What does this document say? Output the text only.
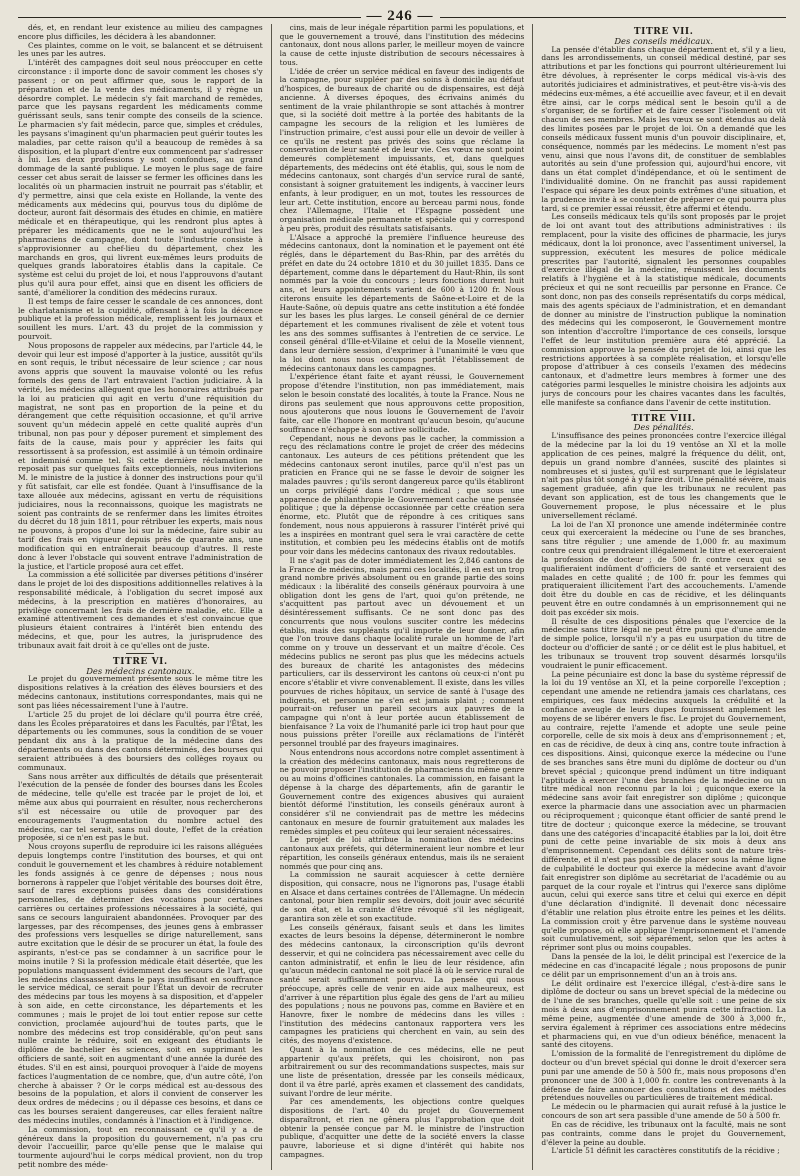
— 246 —

dés, et, en rendant leur existence au milieu des campagnes encore plus difficiles, les décidera à les abandonner.

Ces plaintes, comme on le voit, se balancent et se détruisent les unes par les autres.

L'intérêt des campagnes doit seul nous préoccuper en cette circonstance : il importe donc de savoir comment les choses s'y passent ; or on peut affirmer que, sous le rapport de la préparation et de la vente des médicaments, il y règne un désordre complet. Le médecin s'y fait marchand de remèdes, parce que les paysans regardent les médicaments comme guérissant seuls, sans tenir compte des conseils de la science. Le pharmacien s'y fait médecin, parce que, simples et crédules, les paysans s'imaginent qu'un pharmacien peut guérir toutes les maladies, par cette raison qu'il a beaucoup de remèdes à sa disposition, et la plupart d'entre eux commencent par s'adresser à lui. Les deux professions y sont confondues, au grand dommage de la santé publique. Le moyen le plus sage de faire cesser cet abus serait de laisser se fermer les officines dans les localités où un pharmacien instruit ne pourrait pas s'établir, et d'y permettre, ainsi que cela existe en Hollande, la vente des médicaments aux médecins qui, pourvus tous du diplôme de docteur, auront fait désormais des études en chimie, en matière médicale et en thérapeutique, qui les rendront plus aptes à préparer les médicaments que ne le sont aujourd'hui les pharmaciens de campagne, dont toute l'industrie consiste à s'approvisionner au chef-lieu du département, chez les marchands en gros, qui livrent eux-mêmes leurs produits de quelques grands laboratoires établis dans la capitale. Ce système est celui du projet de loi, et nous l'approuvons d'autant plus qu'il aura pour effet, ainsi que en disent les officiers de santé, d'améliorer la condition des médecins ruraux.

Il est temps de faire cesser le scandale de ces annonces, dont le charlatanisme et la cupidité, offensant à la fois la décence publique et la profession médicale, remplissent les journaux et souillent les murs. L'art. 43 du projet de la commission y pourvoit.

Nous proposons de rappeler aux médecins, par l'article 44, le devoir qui leur est imposé d'apporter à la justice, aussitôt qu'ils en sont requis, le tribut nécessaire de leur science ; car nous avons appris que souvent la mauvaise volonté ou les refus formels des gens de l'art entravaient l'action judiciaire. À la vérité, les médecins allèguent que les honoraires attribués par la loi au praticien qui agit en vertu d'une réquisition du magistrat, ne sont pas en proportion de la peine et du dérangement que cette réquisition occasionne, et qu'il arrive souvent qu'un médecin appelé en cette qualité auprès d'un tribunal, non pas pour y déposer purement et simplement des faits de la cause, mais pour y apprécier les faits qui ressortissent à sa profession, est assimilé à un témoin ordinaire et indemnisé comme tel. Si cette dernière réclamation ne reposait pas sur quelques faits exceptionnels, nous inviterions M. le ministre de la justice à donner des instructions pour qu'il y fût satisfait, car elle est fondée. Quant à l'insuffisance de la taxe allouée aux médecins, agissant en vertu de réquisitions judiciaires, nous la reconnaissons, quoique les magistrats ne soient pas contraints de se renfermer dans les limites étroites du décret du 18 juin 1811, pour rétribuer les experts, mais nous ne pouvons, à propos d'une loi sur la médecine, faire subir au tarif des frais en vigueur depuis près de quarante ans, une modification qui en entraînerait beaucoup d'autres. Il reste donc à lever l'obstacle qui souvent entrave l'administration de la justice, et l'article proposé aura cet effet.

La commission a été sollicitée par diverses pétitions d'insérer dans le projet de loi des dispositions additionnelles relatives à la responsabilité médicale, à l'obligation du secret imposé aux médecins, à la prescription en matières d'honoraires, au privilège concernant les frais de dernière maladie, etc. Elle a examiné attentivement ces demandes et s'est convaincue que plusieurs étaient contraires à l'intérêt bien entendu des médecins, et que, pour les autres, la jurisprudence des tribunaux avait fait droit à ce qu'elles ont de juste.

TITRE VI.

Des médecins cantonaux.

Le projet du gouvernement présente sous le même titre les dispositions relatives à la création des élèves boursiers et des médecins cantonaux, institutions correspondantes, mais qui ne sont pas liées nécessairement l'une à l'autre.

L'article 25 du projet de loi déclare qu'il pourra être créé, dans les Écoles préparatoires et dans les Facultés, par l'État, les départements ou les communes, sous la condition de se vouer pendant dix ans à la pratique de la médecine dans des départements ou dans des cantons déterminés, des bourses qui seraient attribuées à des boursiers des collèges royaux ou communaux.

Sans nous arrêter aux difficultés de détails que présenterait l'exécution de la pensée de fonder des bourses dans les Écoles de médecine, telle qu'elle est tracée par le projet de loi, et même aux abus qui pourraient en résulter, nous rechercherons s'il est nécessaire ou utile de provoquer par des encouragements l'augmentation du nombre actuel des médecins, car tel serait, sans nul doute, l'effet de la création proposée, si ce n'en est pas le but.

Nous croyons superflu de reproduire ici les raisons alléguées depuis longtemps contre l'institution des bourses, et qui ont conduit le gouvernement et les chambres à réduire notablement les fonds assignés à ce genre de dépenses ; nous nous bornerons à rappeler que l'objet véritable des bourses doit être, sauf de rares exceptions puisées dans des considérations personnelles, de déterminer des vocations pour certaines carrières ou certaines professions nécessaires à la société, qui sans ce secours languiraient abandonnées. Provoquer par des largesses, par des récompenses, des jeunes gens à embrasser des professions vers lesquelles se dirige naturellement, sans autre excitation que le désir de se procurer un état, la foule des aspirants, n'est-ce pas se condamner à un sacrifice pour le moins inutile ? Si la profession médicale était désertée, que les populations manquassent évidemment des secours de l'art, que les médecins classassent dans le pays insuffisant en souffrance le service médical, ce serait pour l'État un devoir de recruter des médecins par tous les moyens à sa disposition, et d'appeler à son aide, en cette circonstance, les départements et les communes ; mais le projet de loi tout entier repose sur cette conviction, proclamée aujourd'hui de toutes parts, que le nombre des médecins est trop considérable, qu'on peut sans nulle crainte le réduire, soit en exigeant des étudiants le diplôme de bachelier ès sciences, soit en supprimant les officiers de santé, soit en augmentant d'une année la durée des études. S'il en est ainsi, pourquoi provoquer à l'aide de moyens factices l'augmentation de ce nombre, que, d'un autre côté, l'on cherche à abaisser ? Or le corps médical est au-dessous des besoins de la population, et alors il convient de conserver les deux ordres de médecins ; ou il dépasse ces besoins, et dans ce cas les bourses seraient dangereuses, car elles feraient naître des médecins inutiles, condamnés à l'inaction et à l'indigence.

La commission, tout en reconnaissant ce qu'il y a de généreux dans la proposition du gouvernement, n'a pas cru devoir l'accueillir, parce qu'elle pense que le malaise qui tourmente aujourd'hui le corps médical provient, non du trop petit nombre des méde-

cins, mais de leur inégale répartition parmi les populations, et que le gouvernement a trouvé, dans l'institution des médecins cantonaux, dont nous allons parler, le meilleur moyen de vaincre la cause de cette injuste distribution de secours nécessaires à tous.

L'idée de créer un service médical en faveur des indigents de la campagne, pour suppléer par des soins à domicile au défaut d'hospices, de bureaux de charité ou de dispensaires, est déjà ancienne. À diverses époques, des écrivains animés du sentiment de la vraie philanthropie se sont attachés à montrer que, si la société doit mettre à la portée des habitants de la campagne les secours de la religion et les lumières de l'instruction primaire, c'est aussi pour elle un devoir de veiller à ce qu'ils ne restent pas privés des soins que réclame la conservation de leur santé et de leur vie. Ces vœux ne sont point demeurés complètement impuissants, et, dans quelques départements, des médecins ont été établis, qui, sous le nom de médecins cantonaux, sont chargés d'un service rural de santé, consistant à soigner gratuitement les indigents, à vacciner leurs enfants, à leur prodiguer, en un mot, toutes les ressources de leur art. Cette institution, encore au berceau parmi nous, fonde chez l'Allemagne, l'Italie et l'Espagne possèdent une organisation médicale permanente et spéciale qui y correspond à peu près, produit des résultats satisfaisants.

L'Alsace a approché la première l'influence heureuse des médecins cantonaux, dont la nomination et le payement ont été réglés, dans le département du Bas-Rhin, par des arrêtés du préfet en date du 24 octobre 1810 et du 30 juillet 1835. Dans ce département, comme dans le département du Haut-Rhin, ils sont nommés par la voie du concours ; leurs fonctions durent huit ans, et leurs appointements varient de 600 à 1200 fr. Nous citerons ensuite les départements de Saône-et-Loire et de la Haute-Saône, où depuis quatre ans cette institution a été fondée sur les bases les plus larges. Le conseil général de ce dernier département et les communes rivalisent de zèle et votent tous les ans des sommes suffisantes à l'entretien de ce service. Le conseil général d'Ille-et-Vilaine et celui de la Moselle viennent, dans leur dernière session, d'exprimer à l'unanimité le vœu que la loi dont nous nous occupons portât l'établissement de médecins cantonaux dans les campagnes.

L'expérience étant faite et ayant réussi, le Gouvernement propose d'étendre l'institution, non pas immédiatement, mais selon le besoin constaté des localités, à toute la France. Nous ne dirons pas seulement que nous approuvons cette proposition, nous ajouterons que nous louons le Gouvernement de l'avoir faite, car elle l'honore en montrant qu'aucun besoin, qu'aucune souffrance n'échappe à son active sollicitude.

Cependant, nous ne devons pas le cacher, la commission a reçu des réclamations contre le projet de créer des médecins cantonaux. Les auteurs de ces pétitions prétendent que les médecins cantonaux seront inutiles, parce qu'il n'est pas un praticien en France qui ne se fasse le devoir de soigner les malades pauvres ; qu'ils seront dangereux parce qu'ils établiront un corps privilégié dans l'ordre médical ; que sous une apparence de philanthropie le Gouvernement cache une pensée politique ; que la dépense occasionnée par cette création sera énorme, etc. Plutôt que de répondre à ces critiques sans fondement, nous nous appuierons à rassurer l'intérêt privé qui les a inspirées en montrant quel sera le vrai caractère de cette institution, et combien peu les médecins établis ont de motifs pour voir dans les médecins cantonaux des rivaux redoutables.

Il ne s'agit pas de doter immédiatement les 2,846 cantons de la France de médecins, mais parmi ces localités, il en est un trop grand nombre privés absolument ou en grande partie des soins médicaux : la libéralité des conseils généraux pourvoira à une obligation dont les gens de l'art, quoi qu'on prétende, ne s'acquittent pas partout avec un dévouement et un désintéressement suffisants. Ce ne sont donc pas des concurrents que nous voulons susciter contre les médecins établis, mais des suppléants qu'il importe de leur donner, afin que l'on trouve dans chaque localité rurale un homme de l'art comme on y trouve un desservant et un maître d'école. Ces médecins publics ne seront pas plus que les médecins actuels des bureaux de charité les antagonistes des médecins particuliers, car ils desserviront les cantons où ceux-ci n'ont pu encore s'établir et vivre convenablement. Il existe, dans les villes pourvues de riches hôpitaux, un service de santé à l'usage des indigents, et personne ne s'en est jamais plaint ; comment pourrait-on refuser un pareil secours aux pauvres de la campagne qui n'ont à leur portée aucun établissement de bienfaisance ? La voix de l'humanité parle ici trop haut pour que nous puissions prêter l'oreille aux réclamations de l'intérêt personnel troublé par des frayeurs imaginaires.

Nous entendrons nous accordons notre complet assentiment à la création des médecins cantonaux, mais nous regretterons de ne pouvoir proposer l'institution de pharmaciens du même genre ou au moins d'officines cantonales. La commission, en faisant la dépense à la charge des départements, afin de garantir le Gouvernement contre des exigences abusives qui auraient bientôt déformé l'institution, les conseils généraux auront à considérer s'il ne conviendrait pas de mettre les médecins cantonaux en mesure de fournir gratuitement aux malades les remèdes simples et peu coûteux qui leur seraient nécessaires.

Le projet de loi attribue la nomination des médecins cantonaux aux préfets, qui détermineraient leur nombre et leur répartition, les conseils généraux entendus, mais ils ne seraient nommés que pour cinq ans.

La commission ne saurait acquiescer à cette dernière disposition, qui consacre, nous ne l'ignorons pas, l'usage établi en Alsace et dans certaines contrées de l'Allemagne. Un médecin cantonal, pour bien remplir ses devoirs, doit jouir avec sécurité de son état, et la crainte d'être révoqué s'il les négligeait, garantira son zèle et son exactitude.

Les conseils généraux, faisant seuls et dans les limites exactes de leurs besoins la dépense, détermineront le nombre des médecins cantonaux, la circonscription qu'ils devront desservir, et qui ne coïncidera pas nécessairement avec celle du canton administratif, et enfin le lieu de leur résidence, afin qu'aucun médecin cantonal ne soit placé là où le service rural de santé serait suffisamment pourvu. La pensée qui nous préoccupe, après celle de venir en aide aux malheureux, est d'arriver à une répartition plus égale des gens de l'art au milieu des populations ; nous ne pouvons pas, comme en Bavière et en Hanovre, fixer le nombre de médecins dans les villes : l'institution des médecins cantonaux rapportera vers les campagnes les praticiens qui cherchent en vain, au sein des cités, des moyens d'existence.

Quant à la nomination de ces médecins, elle ne peut appartenir qu'aux préfets, qui les choisiront, non pas arbitrairement ou sur des recommandations suspectes, mais sur une liste de présentation, dressée par les conseils médicaux, dont il va être parlé, après examen et classement des candidats, suivant l'ordre de leur mérite.

Par ces amendements, les objections contre quelques dispositions de l'art. 40 du projet du Gouvernement disparaîtront, et rien ne gênera plus l'approbation que doit obtenir la pensée conçue par M. le ministre de l'instruction publique, d'acquitter une dette de la société envers la classe pauvre, laborieuse et si digne d'intérêt qui habite nos campagnes.

TITRE VII.

Des conseils médicaux.

La pensée d'établir dans chaque département et, s'il y a lieu, dans les arrondissements, un conseil médical destiné, par ses attributions et par les fonctions qui pourront ultérieurement lui être dévolues, à représenter le corps médical vis-à-vis des autorités judiciaires et administratives, et peut-être vis-à-vis des médecins eux-mêmes, a été accueillie avec faveur, et il en devait être ainsi, car le corps médical sent le besoin qu'il a de s'organiser, de se fortifier et de faire cesser l'isolement où vit chacun de ses membres. Mais les vœux se sont étendus au delà des limites posées par le projet de loi. On a demandé que les conseils médicaux fussent munis d'un pouvoir disciplinaire, et, conséquence, nommés par les médecins. Le moment n'est pas venu, ainsi que nous l'avons dit, de constituer de semblables autorités au sein d'une profession qui, aujourd'hui encore, vit dans un état complet d'indépendance, et où le sentiment de l'individualité domine. On ne franchit pas aussi rapidement l'espace qui sépare les deux points extrêmes d'une situation, et la prudence invite à se contenter de préparer ce qui pourra plus tard, si ce premier essai réussit, être affermi et étendu.

Les conseils médicaux tels qu'ils sont proposés par le projet de loi ont avant tout des attributions administratives : ils remplacent, pour la visite des officines de pharmacie, les jurys médicaux, dont la loi prononce, avec l'assentiment universel, la suppression, exécutent les mesures de police médicale prescrites par l'autorité, signalent les personnes coupables d'exercice illégal de la médecine, réunissent les documents relatifs à l'hygiène et à la statistique médicale, documents précieux et qui ne sont recueillis par personne en France. Ce sont donc, non pas des conseils représentatifs du corps médical, mais des agents spéciaux de l'administration, et en demandant de donner au ministre de l'instruction publique la nomination des médecins qui les composeront, le Gouvernement montre son intention d'accroître l'importance de ces conseils, lorsque l'effet de leur institution première aura été apprécié. La commission approuve la pensée du projet de loi, ainsi que les restrictions apportées à sa complète réalisation, et lorsqu'elle propose d'attribuer à ces conseils l'examen des médecins cantonaux, et d'admettre leurs membres à former une des catégories parmi lesquelles le ministre choisira les adjoints aux jurys de concours pour les chaires vacantes dans les facultés, elle manifeste sa confiance dans l'avenir de cette institution.

TITRE VIII.

Des pénalités.

L'insuffisance des peines prononcées contre l'exercice illégal de la médecine par la loi du 19 ventôse an XI et la molle application de ces peines, malgré la fréquence du délit, ont, depuis un grand nombre d'années, suscité des plaintes si nombreuses et si justes, qu'il est surprenant que le législateur n'ait pas plus tôt songé à y faire droit. Une pénalité sévère, mais sagement graduée, afin que les tribunaux ne reculent pas devant son application, est de tous les changements que le Gouvernement propose, le plus nécessaire et le plus universellement réclamé.

La loi de l'an XI prononce une amende indéterminée contre ceux qui exerceraient la médecine ou l'une de ses branches, sans titre régulier ; une amende de 1,000 fr. au maximum contre ceux qui prendraient illégalement le titre et exerceraient la profession de docteur ; de 500 fr. contre ceux qui se qualifieraient indûment d'officiers de santé et verseraient des malades en cette qualité ; de 100 fr. pour les femmes qui pratiqueraient illicitement l'art des accouchements. L'amende doit être du double en cas de récidive, et les délinquants peuvent être en outre condamnés à un emprisonnement qui ne doit pas excéder six mois.

Il résulte de ces dispositions pénales que l'exercice de la médecine sans titre légal ne peut être puni que d'une amende de simple police, lorsqu'il n'y a pas eu usurpation du titre de docteur ou d'officier de santé ; or ce délit est le plus habituel, et les tribunaux se trouvent trop souvent désarmés lorsqu'ils voudraient le punir efficacement.

La peine pécuniaire est donc la base du système répressif de la loi du 19 ventôse an XI, et la peine corporelle l'exception ; cependant une amende ne retiendra jamais ces charlatans, ces empiriques, ces faux médecins auxquels la crédulité et la confiance aveugle de leurs dupes fournissent amplement les moyens de se libérer envers le fisc. Le projet du Gouvernement, au contraire, rejette l'amende et adopte une seule peine corporelle, celle de six mois à deux ans d'emprisonnement ; et, en cas de récidive, de deux à cinq ans, contre toute infraction à ces dispositions. Ainsi, quiconque exerce la médecine ou l'une de ses branches sans être muni du diplôme de docteur ou d'un brevet spécial ; quiconque prend indûment un titre indiquant l'aptitude à exercer l'une des branches de la médecine ou un titre médical non reconnu par la loi ; quiconque exerce la médecine sans avoir fait enregistrer son diplôme ; quiconque exerce la pharmacie dans une association avec un pharmacien ou réciproquement ; quiconque étant officier de santé prend le titre de docteur ; quiconque exerce la médecine, se trouvant dans une des catégories d'incapacité établies par la loi, doit être puni de cette peine invariable de six mois à deux ans d'emprisonnement. Cependant ces délits sont de nature très-différente, et il n'est pas possible de placer sous la même ligne de culpabilité le docteur qui exerce la médecine avant d'avoir fait enregistrer son diplôme au secrétariat de l'académie ou au parquet de la cour royale et l'intrus qui l'exerce sans diplôme aucun, celui qui exerce sans titre et celui qui exerce en dépit d'une déclaration d'indignité. Il devenait donc nécessaire d'établir une relation plus étroite entre les peines et les délits. La commission croit y être parvenue dans le système nouveau qu'elle propose, où elle applique l'emprisonnement et l'amende soit cumulativement, soit séparément, selon que les actes à réprimer sont plus ou moins coupables.

Dans la pensée de la loi, le délit principal est l'exercice de la médecine en cas d'incapacité légale ; nous proposons de punir ce délit par un emprisonnement d'un an à trois ans.

Le délit ordinaire est l'exercice illégal, c'est-à-dire sans le diplôme de docteur ou sans un brevet spécial de la médecine ou de l'une de ses branches, quelle qu'elle soit : une peine de six mois à deux ans d'emprisonnement punira cette infraction. La même peine, augmentée d'une amende de 300 à 3,000 fr., servira également à réprimer ces associations entre médecins et pharmaciens qui, en vue d'un odieux bénéfice, menacent la santé des citoyens.

L'omission de la formalité de l'enregistrement du diplôme de docteur ou d'un brevet spécial qui donne le droit d'exercer sera puni par une amende de 50 à 500 fr., mais nous proposons d'en prononcer une de 300 à 1,000 fr. contre les contrevenants à la défense de faire annoncer des consultations et des méthodes prétendues nouvelles ou particulières de traitement médical.

Le médecin ou le pharmacien qui aurait refusé à la justice le concours de son art sera passible d'une amende de 50 à 500 fr.

En cas de récidive, les tribunaux ont la faculté, mais ne sont pas contraints, comme dans le projet du Gouvernement, d'élever la peine au double.

L'article 51 définit les caractères constitutifs de la récidive ;
